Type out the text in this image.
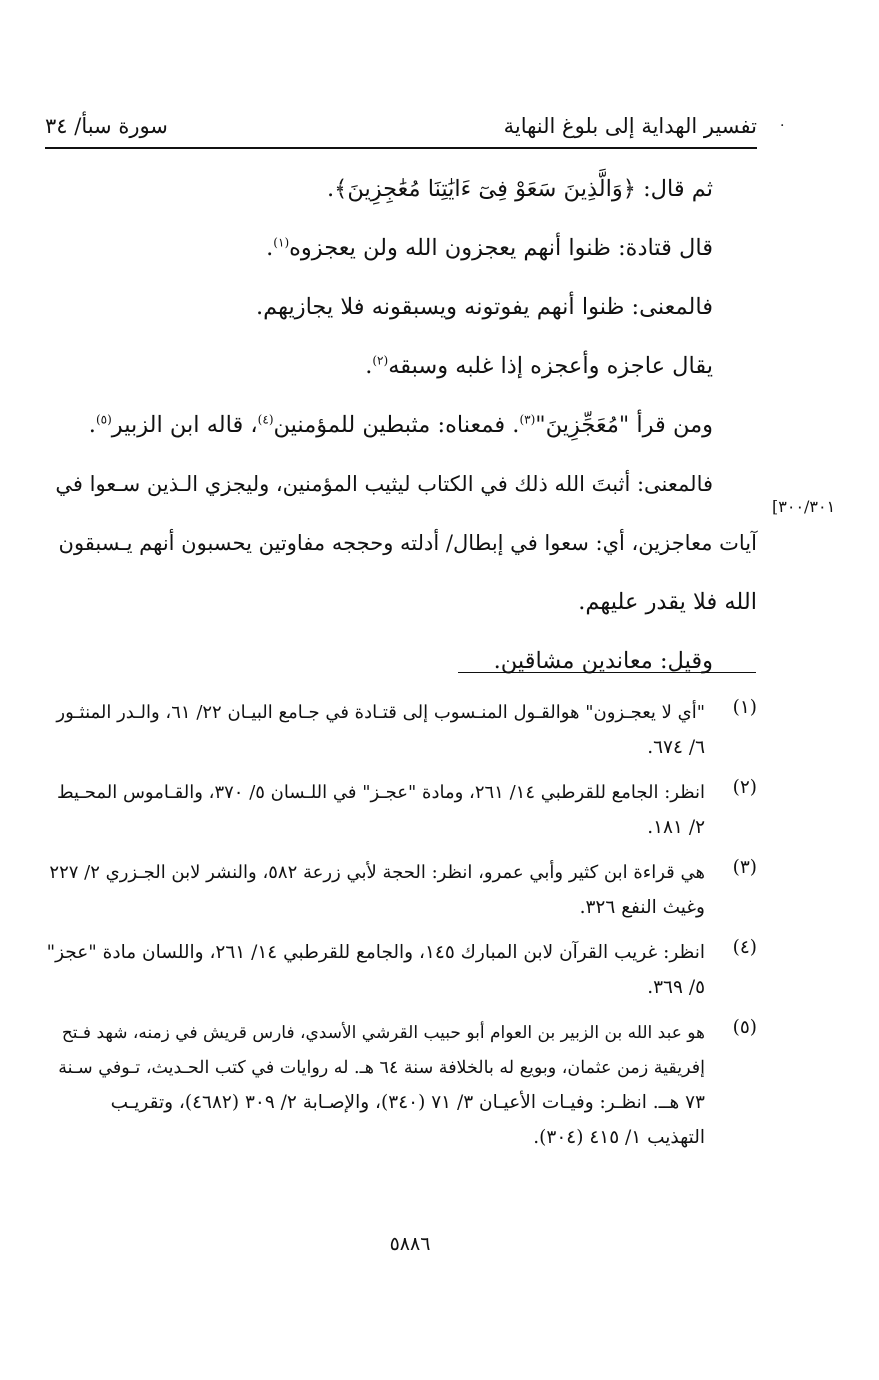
·
تفسير الهداية إلى بلوغ النهاية
سورة سبأ/ ٣٤
ثم قال: ﴿وَالَّذِينَ سَعَوْ فِىٓ ءَايَٰتِنَا مُعَٰجِزِينَ﴾.
قال قتادة: ظنوا أنهم يعجزون الله ولن يعجزوه$^{(١)}$.
فالمعنى: ظنوا أنهم يفوتونه ويسبقونه فلا يجازيهم.
يقال عاجزه وأعجزه إذا غلبه وسبقه$^{(٢)}$.
ومن قرأ "مُعَجِّزِينَ"$^{(٣)}$. فمعناه: مثبطين للمؤمنين$^{(٤)}$، قاله ابن الزبير$^{(٥)}$.
فالمعنى: أثبتَ الله ذلك في الكتاب ليثيب المؤمنين، وليجزي الـذين سـعوا في
آيات معاجزين، أي: سعوا في إبطال/ أدلته وحججه مفاوتين يحسبون أنهم يـسبقون
الله فلا يقدر عليهم.
وقيل: معاندين مشاقين.
[٣٠٠/٣٠١
(١)
"أي لا يعجـزون" هوالقـول المنـسوب إلى قتـادة في جـامع البيـان ٢٢/ ٦١، والـدر المنثـور
٦/ ٦٧٤.
(٢)
انظر: الجامع للقرطبي ١٤/ ٢٦١، ومادة "عجـز" في اللـسان ٥/ ٣٧٠، والقـاموس المحـيط
٢/ ١٨١.
(٣)
هي قراءة ابن كثير وأبي عمرو، انظر: الحجة لأبي زرعة ٥٨٢، والنشر لابن الجـزري ٢/ ٢٢٧
وغيث النفع ٣٢٦.
(٤)
انظر: غريب القرآن لابن المبارك ١٤٥، والجامع للقرطبي ١٤/ ٢٦١، واللسان مادة "عجز"
٥/ ٣٦٩.
(٥)
هو عبد الله بن الزبير بن العوام أبو حبيب القرشي الأسدي، فارس قريش في زمنه، شهد فـتح
إفريقية زمن عثمان، وبويع له بالخلافة سنة ٦٤ هـ. له روايات في كتب الحـديث، تـوفي سـنة
٧٣ هــ. انظـر: وفيـات الأعيـان ٣/ ٧١ (٣٤٠)، والإصـابة ٢/ ٣٠٩ (٤٦٨٢)، وتقريـب
التهذيب ١/ ٤١٥ (٣٠٤).
٥٨٨٦
